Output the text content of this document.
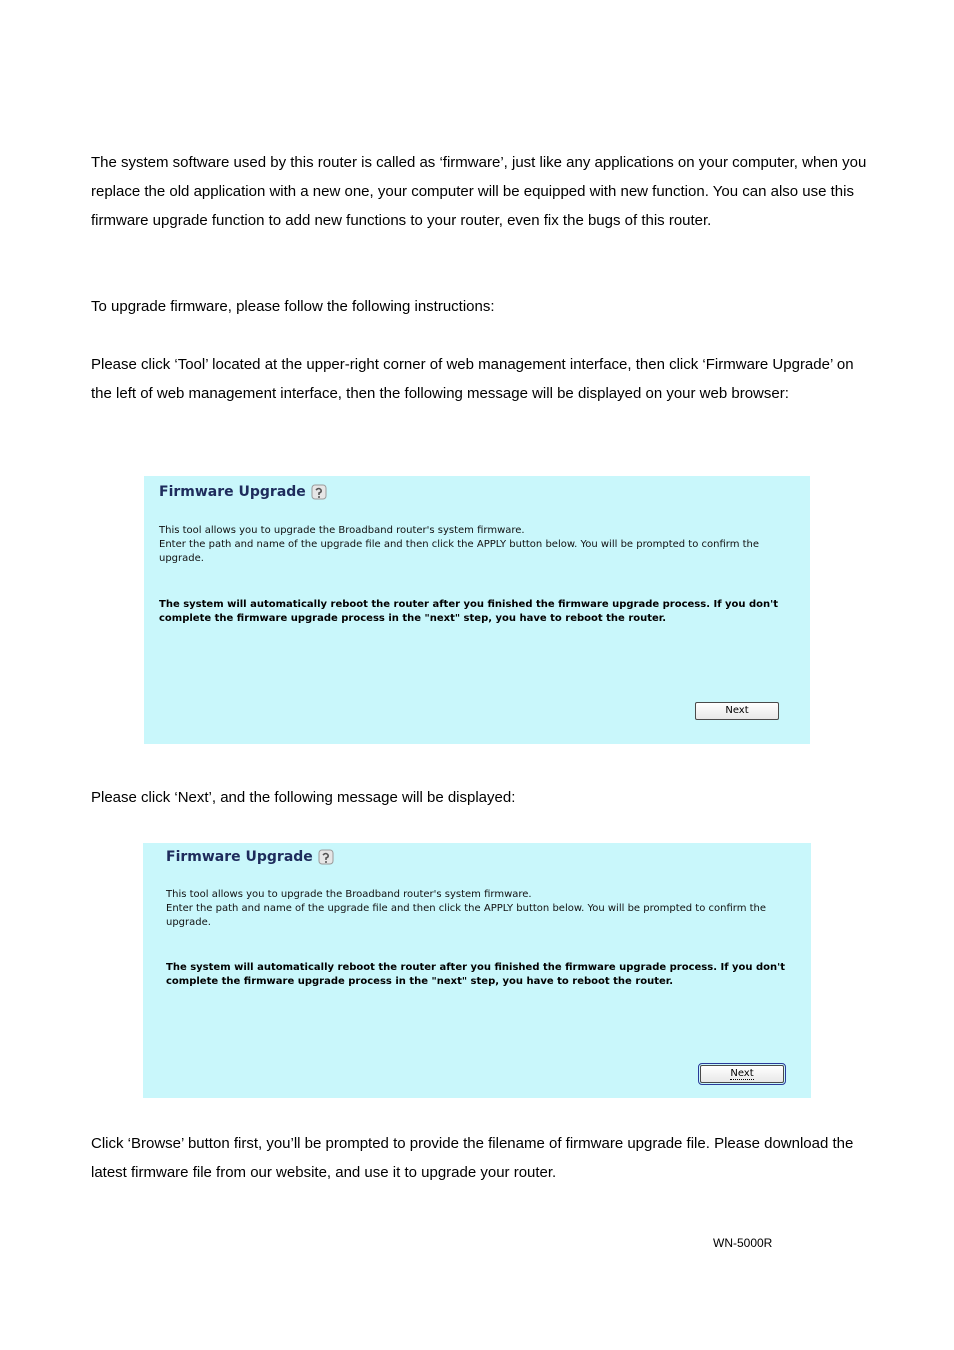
The system software used by this router is called as ‘firmware’, just like any applications on your computer, when you replace the old application with a new one, your computer will be equipped with new function. You can also use this firmware upgrade function to add new functions to your router, even fix the bugs of this router.

To upgrade firmware, please follow the following instructions:

Please click ‘Tool’ located at the upper-right corner of web management interface, then click ‘Firmware Upgrade’ on the left of web management interface, then the following message will be displayed on your web browser:

Firmware Upgrade
This tool allows you to upgrade the Broadband router's system firmware.
Enter the path and name of the upgrade file and then click the APPLY button below. You will be prompted to confirm the upgrade.
The system will automatically reboot the router after you finished the firmware upgrade process. If you don't complete the firmware upgrade process in the "next" step, you have to reboot the router.
Next

Please click ‘Next’, and the following message will be displayed:

Firmware Upgrade
This tool allows you to upgrade the Broadband router's system firmware.
Enter the path and name of the upgrade file and then click the APPLY button below. You will be prompted to confirm the upgrade.
The system will automatically reboot the router after you finished the firmware upgrade process. If you don't complete the firmware upgrade process in the "next" step, you have to reboot the router.
Next

Click ‘Browse’ button first, you’ll be prompted to provide the filename of firmware upgrade file. Please download the latest firmware file from our website, and use it to upgrade your router.

WN-5000R
